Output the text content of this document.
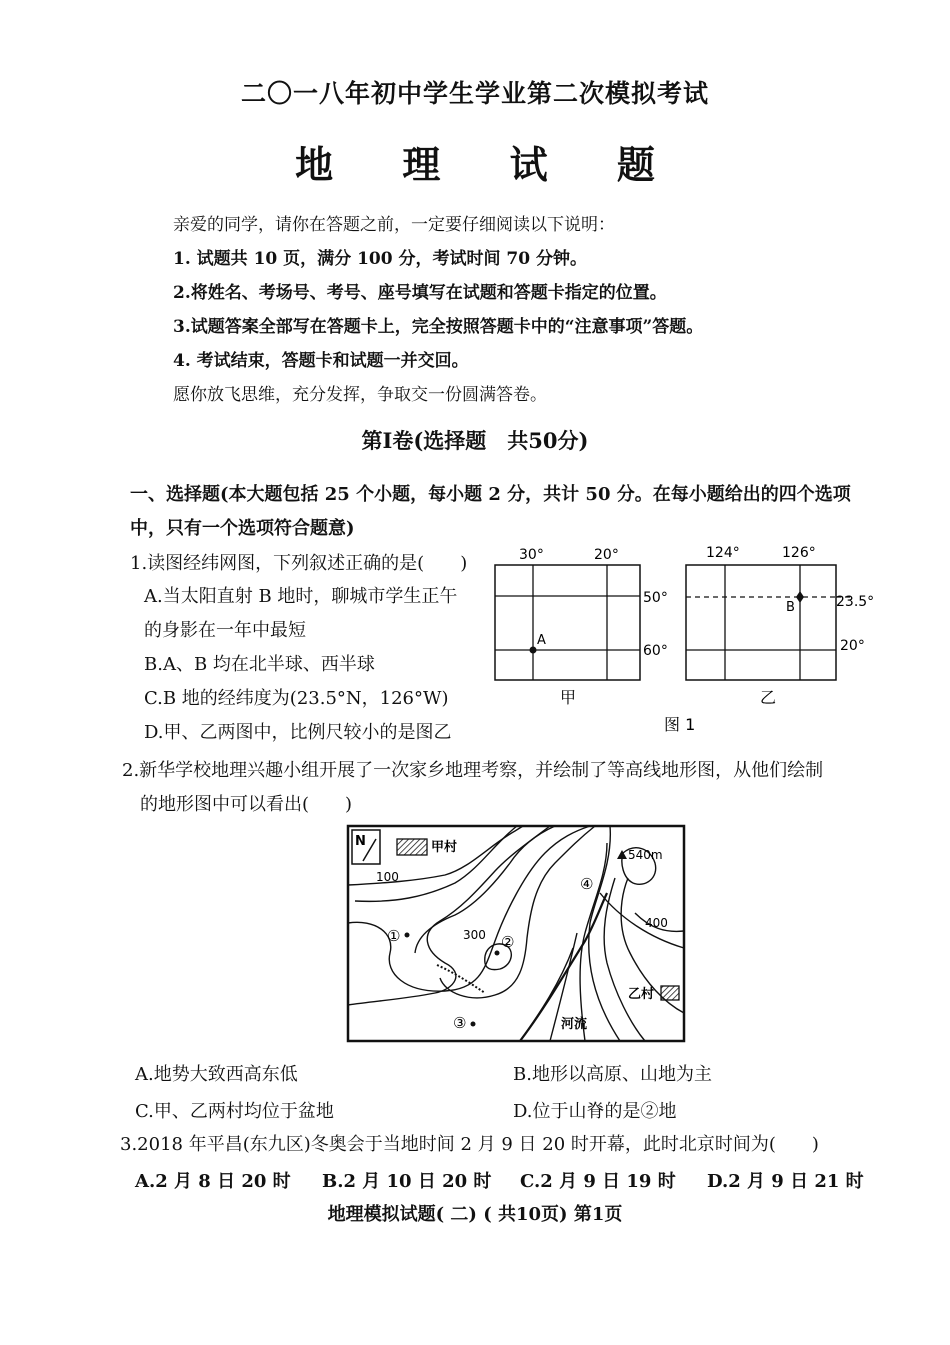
二〇一八年初中学生学业第二次模拟考试
地 理 试 题
亲爱的同学，请你在答题之前，一定要仔细阅读以下说明：
1. 试题共 10 页，满分 100 分，考试时间 70 分钟。
2.将姓名、考场号、考号、座号填写在试题和答题卡指定的位置。
3.试题答案全部写在答题卡上，完全按照答题卡中的“注意事项”答题。
4. 考试结束，答题卡和试题一并交回。
愿你放飞思维，充分发挥，争取交一份圆满答卷。
第Ⅰ卷(选择题　共50分)
一、选择题(本大题包括 25 个小题，每小题 2 分，共计 50 分。在每小题给出的四个选项
中，只有一个选项符合题意)
1.读图经纬网图，下列叙述正确的是(　　)
A.当太阳直射 B 地时，聊城市学生正午
的身影在一年中最短
B.A、B 均在北半球、西半球
C.B 地的经纬度为(23.5°N，126°W)
D.甲、乙两图中，比例尺较小的是图乙
30°	20°
50°
60°
A
甲
124°	126°
23.5°
20°
B
乙
图 1
2.新华学校地理兴趣小组开展了一次家乡地理考察，并绘制了等高线地形图，从他们绘制
的地形图中可以看出(　　)
N	甲村
河流
100
300
400
540m
①	②
③
④
乙村
A.地势大致西高东低	B.地形以高原、山地为主
C.甲、乙两村均位于盆地	D.位于山脊的是②地
3.2018 年平昌(东九区)冬奥会于当地时间 2 月 9 日 20 时开幕，此时北京时间为(　　)
A.2 月 8 日 20 时 B.2 月 10 日 20 时 C.2 月 9 日 19 时 D.2 月 9 日 21 时
地理模拟试题( 二) ( 共10页) 第1页
